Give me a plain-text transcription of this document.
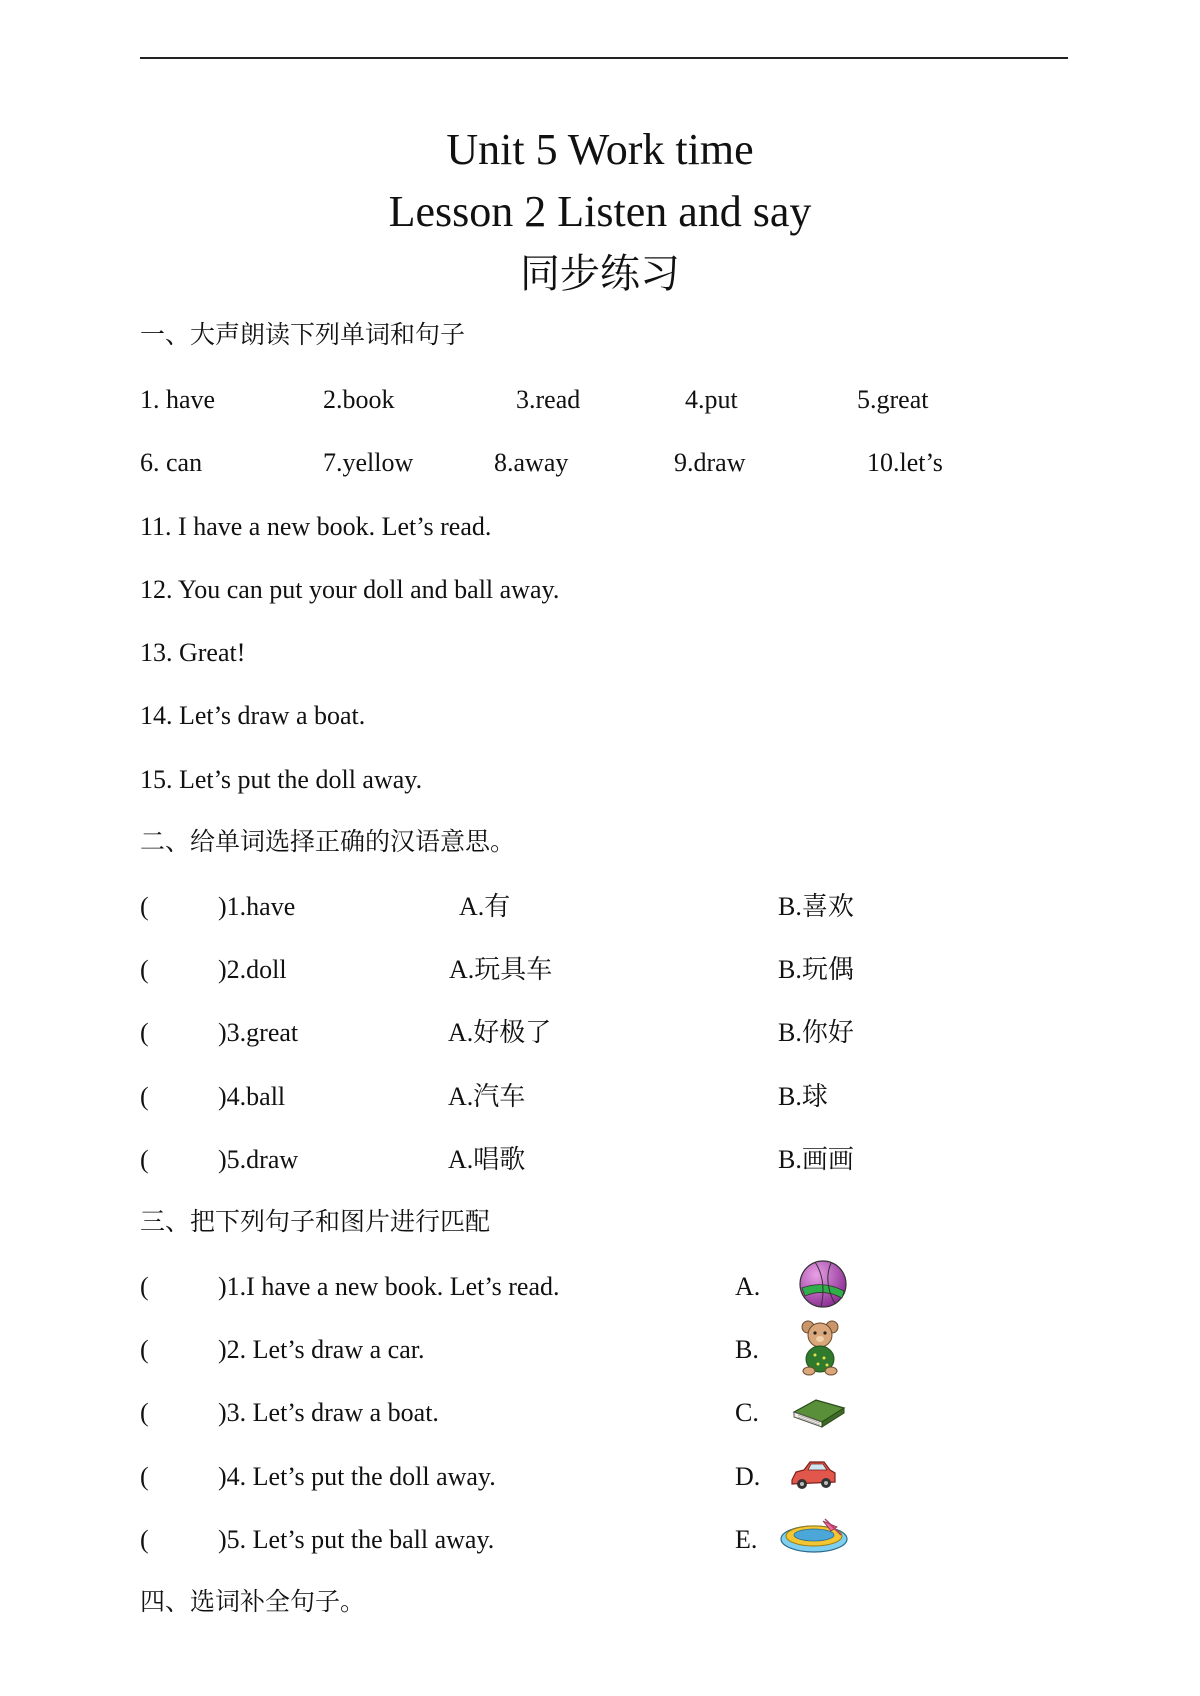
Unit 5 Work time
Lesson 2 Listen and say
同步练习
一、大声朗读下列单词和句子
1. have	2.book	3.read	4.put	5.great
6. can	7.yellow	8.away	9.draw	10.let’s
11. I have a new book. Let’s read.
12. You can put your doll and ball away.
13. Great!
14. Let’s draw a boat.
15. Let’s put the doll away.
二、给单词选择正确的汉语意思。
(	)1.have	A.有	B.喜欢
(	)2.doll	A.玩具车	B.玩偶
(	)3.great	A.好极了	B.你好
(	)4.ball	A.汽车	B.球
(	)5.draw	A.唱歌	B.画画
三、把下列句子和图片进行匹配
(	)1.I have a new book. Let’s read.	A.
(	)2. Let’s draw a car.	B.
(	)3. Let’s draw a boat.	C.
(	)4. Let’s put the doll away.	D.
(	)5. Let’s put the ball away.	E.
四、选词补全句子。
